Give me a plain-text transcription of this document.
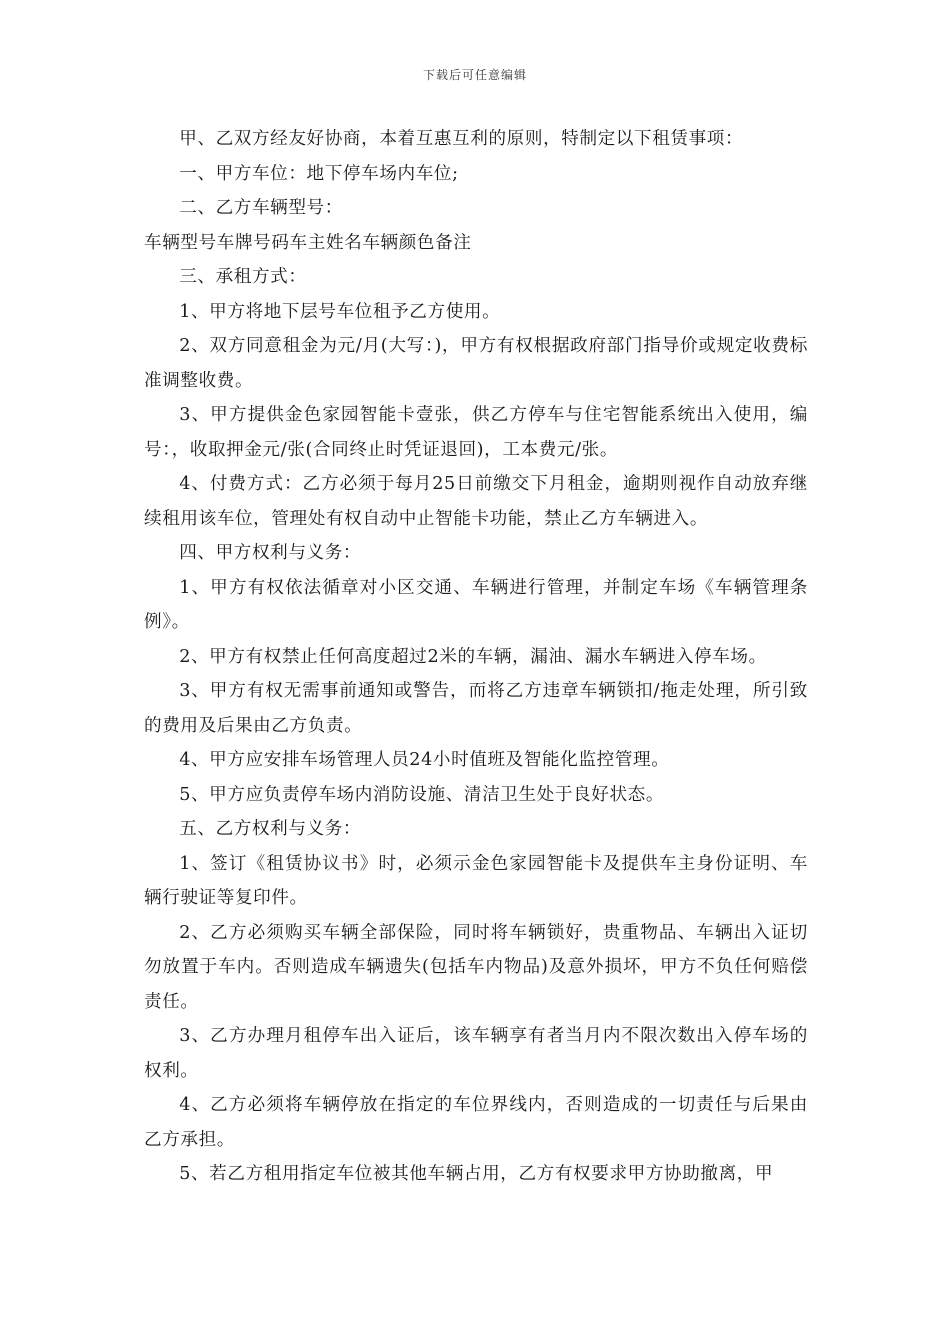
下载后可任意编辑

甲、乙双方经友好协商，本着互惠互利的原则，特制定以下租赁事项：

一、甲方车位：地下停车场内车位;

二、乙方车辆型号：

车辆型号车牌号码车主姓名车辆颜色备注

三、承租方式：

1、甲方将地下层号车位租予乙方使用。

2、双方同意租金为元/月(大写：)，甲方有权根据政府部门指导价或规定收费标准调整收费。

3、甲方提供金色家园智能卡壹张，供乙方停车与住宅智能系统出入使用，编号：，收取押金元/张(合同终止时凭证退回)，工本费元/张。

4、付费方式：乙方必须于每月25日前缴交下月租金，逾期则视作自动放弃继续租用该车位，管理处有权自动中止智能卡功能，禁止乙方车辆进入。

四、甲方权利与义务：

1、甲方有权依法循章对小区交通、车辆进行管理，并制定车场《车辆管理条例》。

2、甲方有权禁止任何高度超过2米的车辆，漏油、漏水车辆进入停车场。

3、甲方有权无需事前通知或警告，而将乙方违章车辆锁扣/拖走处理，所引致的费用及后果由乙方负责。

4、甲方应安排车场管理人员24小时值班及智能化监控管理。

5、甲方应负责停车场内消防设施、清洁卫生处于良好状态。

五、乙方权利与义务：

1、签订《租赁协议书》时，必须示金色家园智能卡及提供车主身份证明、车辆行驶证等复印件。

2、乙方必须购买车辆全部保险，同时将车辆锁好，贵重物品、车辆出入证切勿放置于车内。否则造成车辆遗失(包括车内物品)及意外损坏，甲方不负任何赔偿责任。

3、乙方办理月租停车出入证后，该车辆享有者当月内不限次数出入停车场的权利。

4、乙方必须将车辆停放在指定的车位界线内，否则造成的一切责任与后果由乙方承担。

5、若乙方租用指定车位被其他车辆占用，乙方有权要求甲方协助撤离，甲
